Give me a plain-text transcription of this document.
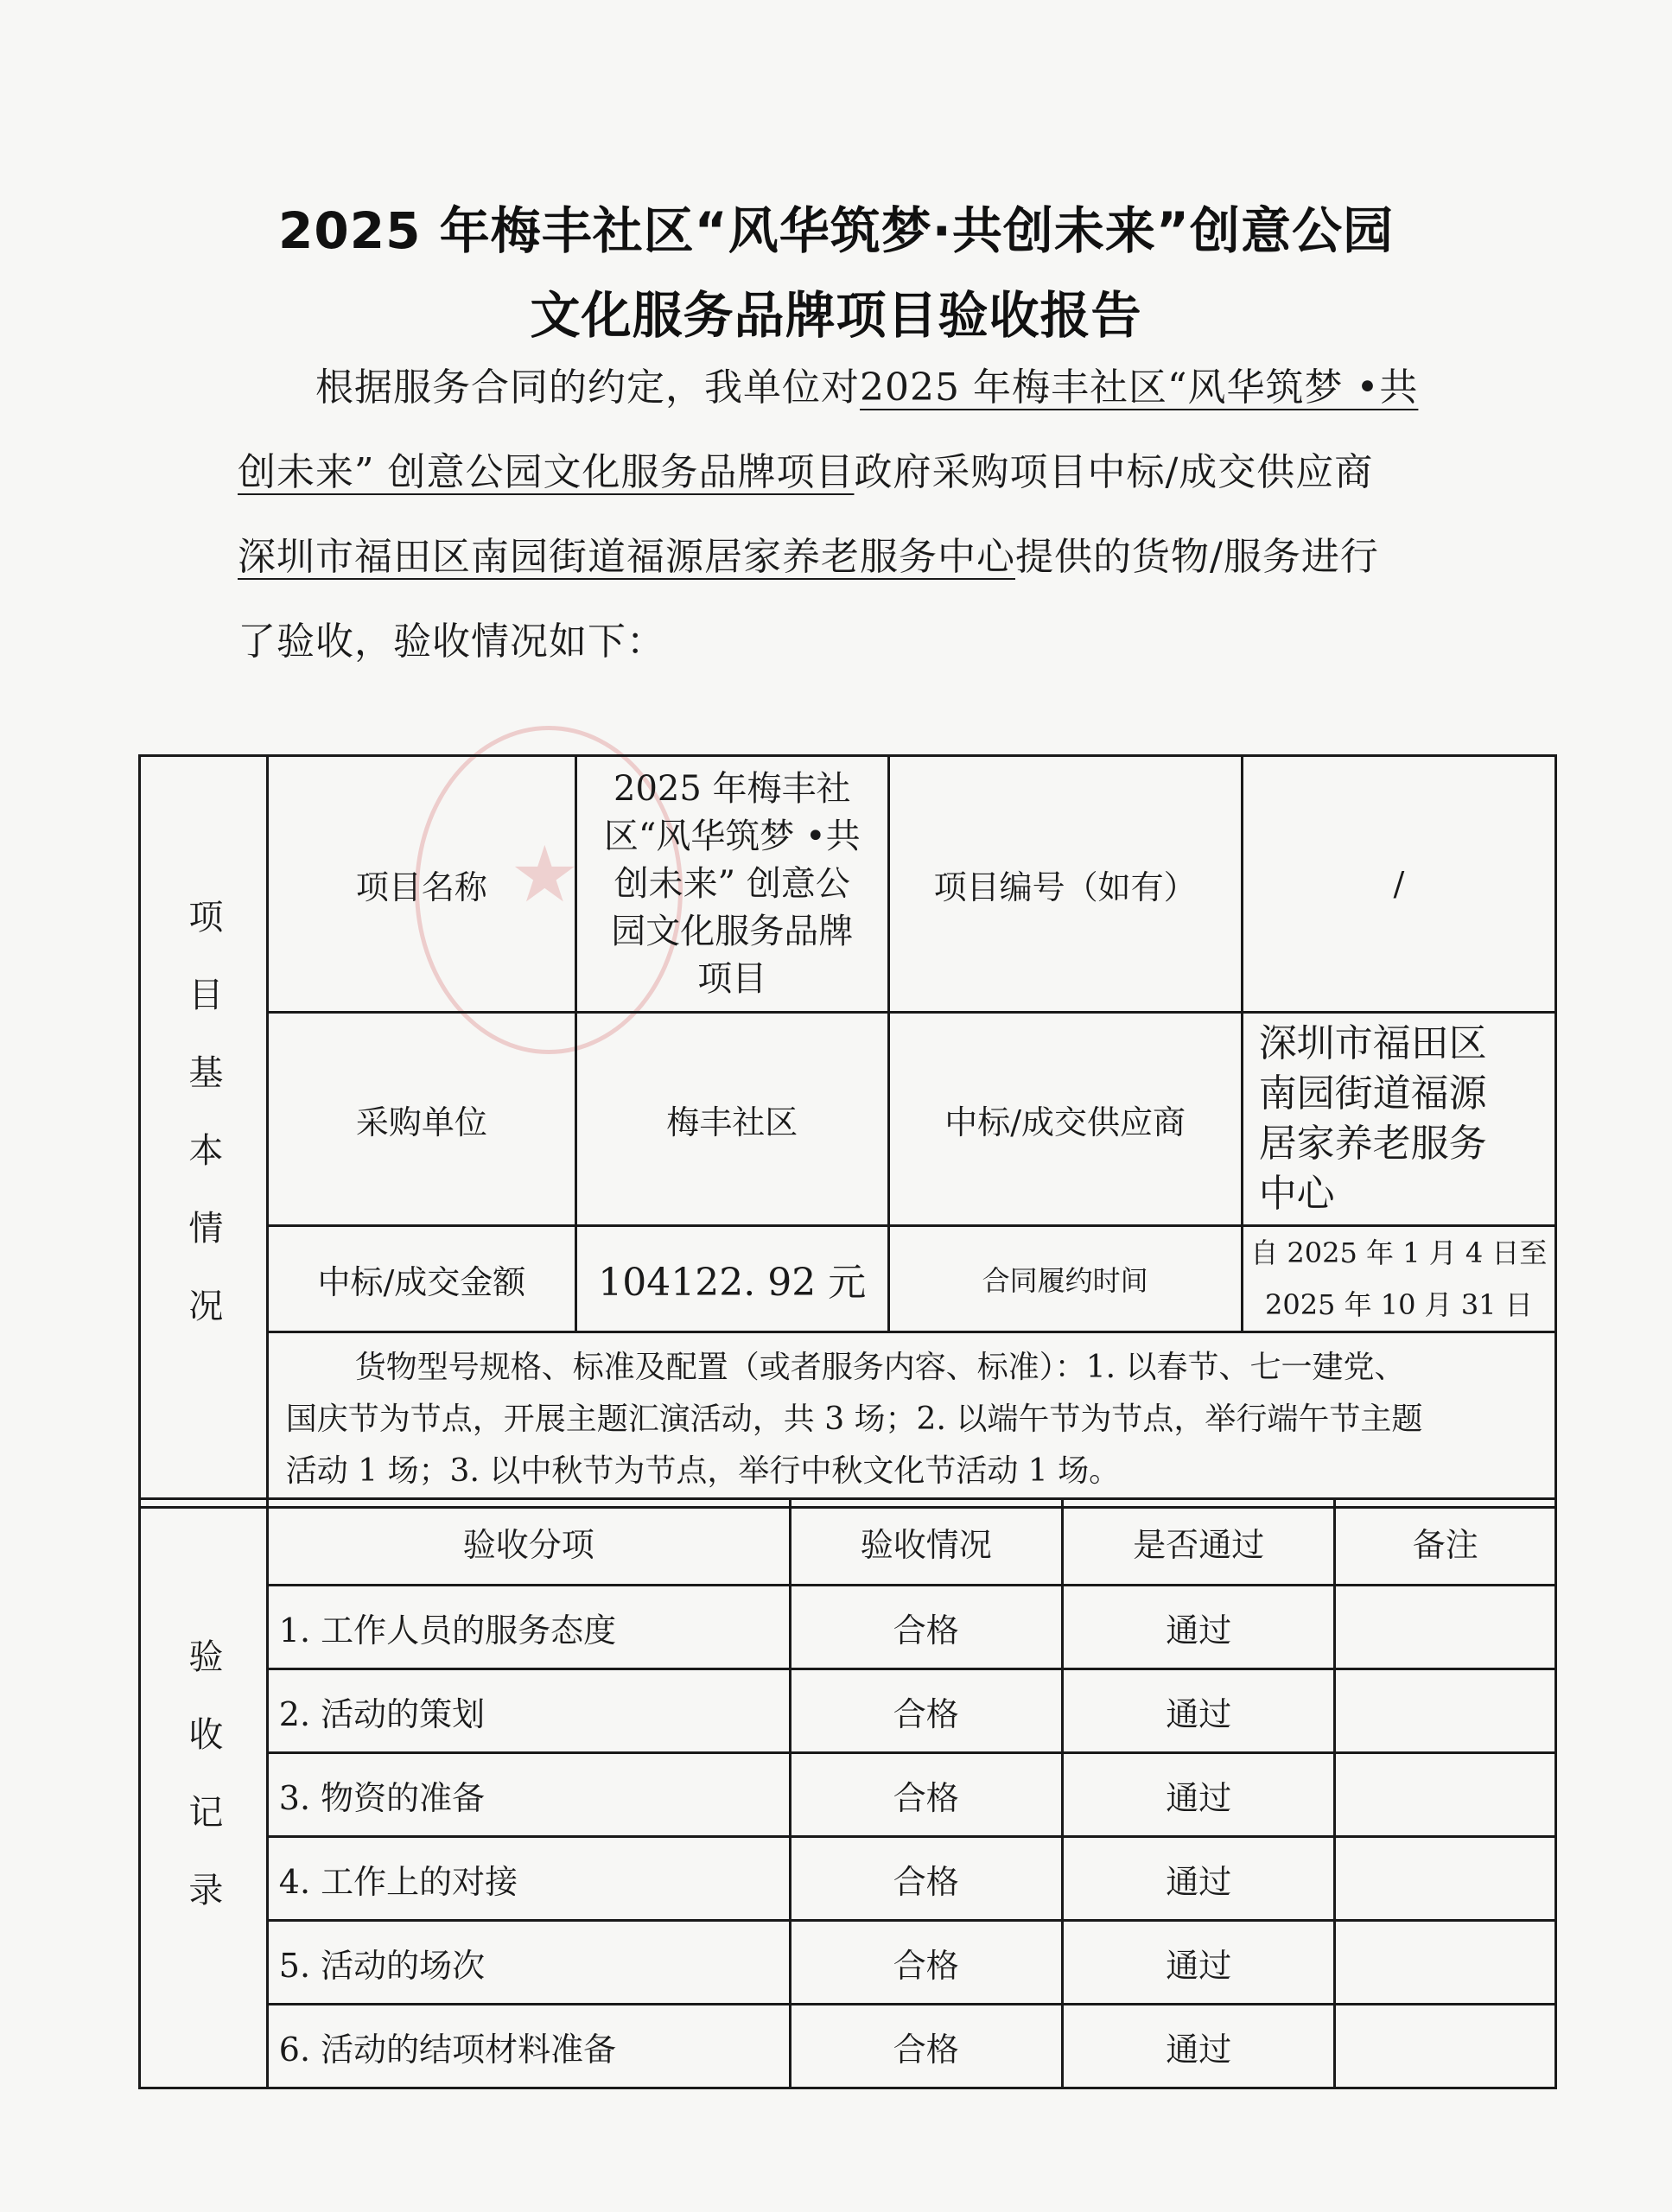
2025 年梅丰社区“风华筑梦·共创未来”创意公园
文化服务品牌项目验收报告
根据服务合同的约定，我单位对2025 年梅丰社区“风华筑梦 •共
创未来” 创意公园文化服务品牌项目政府采购项目中标/成交供应商
深圳市福田区南园街道福源居家养老服务中心提供的货物/服务进行
了验收，验收情况如下：
★
项目基本情况	项目名称	2025 年梅丰社
区“风华筑梦 •共
创未来” 创意公
园文化服务品牌
项目	项目编号（如有）	/
	采购单位	梅丰社区	中标/成交供应商	深圳市福田区
南园街道福源
居家养老服务
中心

	中标/成交金额	104122. 92 元	合同履约时间	自 2025 年 1 月 4 日至
2025 年 10 月 31 日

	货物型号规格、标准及配置（或者服务内容、标准）：1. 以春节、七一建党、
国庆节为节点，开展主题汇演活动，共 3 场；2. 以端午节为节点，举行端午节主题
活动 1 场；3. 以中秋节为节点，举行中秋文化节活动 1 场。			
验收记录	验收分项	验收情况	是否通过	备注
	1. 工作人员的服务态度	合格	通过	
	2. 活动的策划	合格	通过	
	3. 物资的准备	合格	通过	
	4. 工作上的对接	合格	通过	
	5. 活动的场次	合格	通过	
	6. 活动的结项材料准备	合格	通过	
